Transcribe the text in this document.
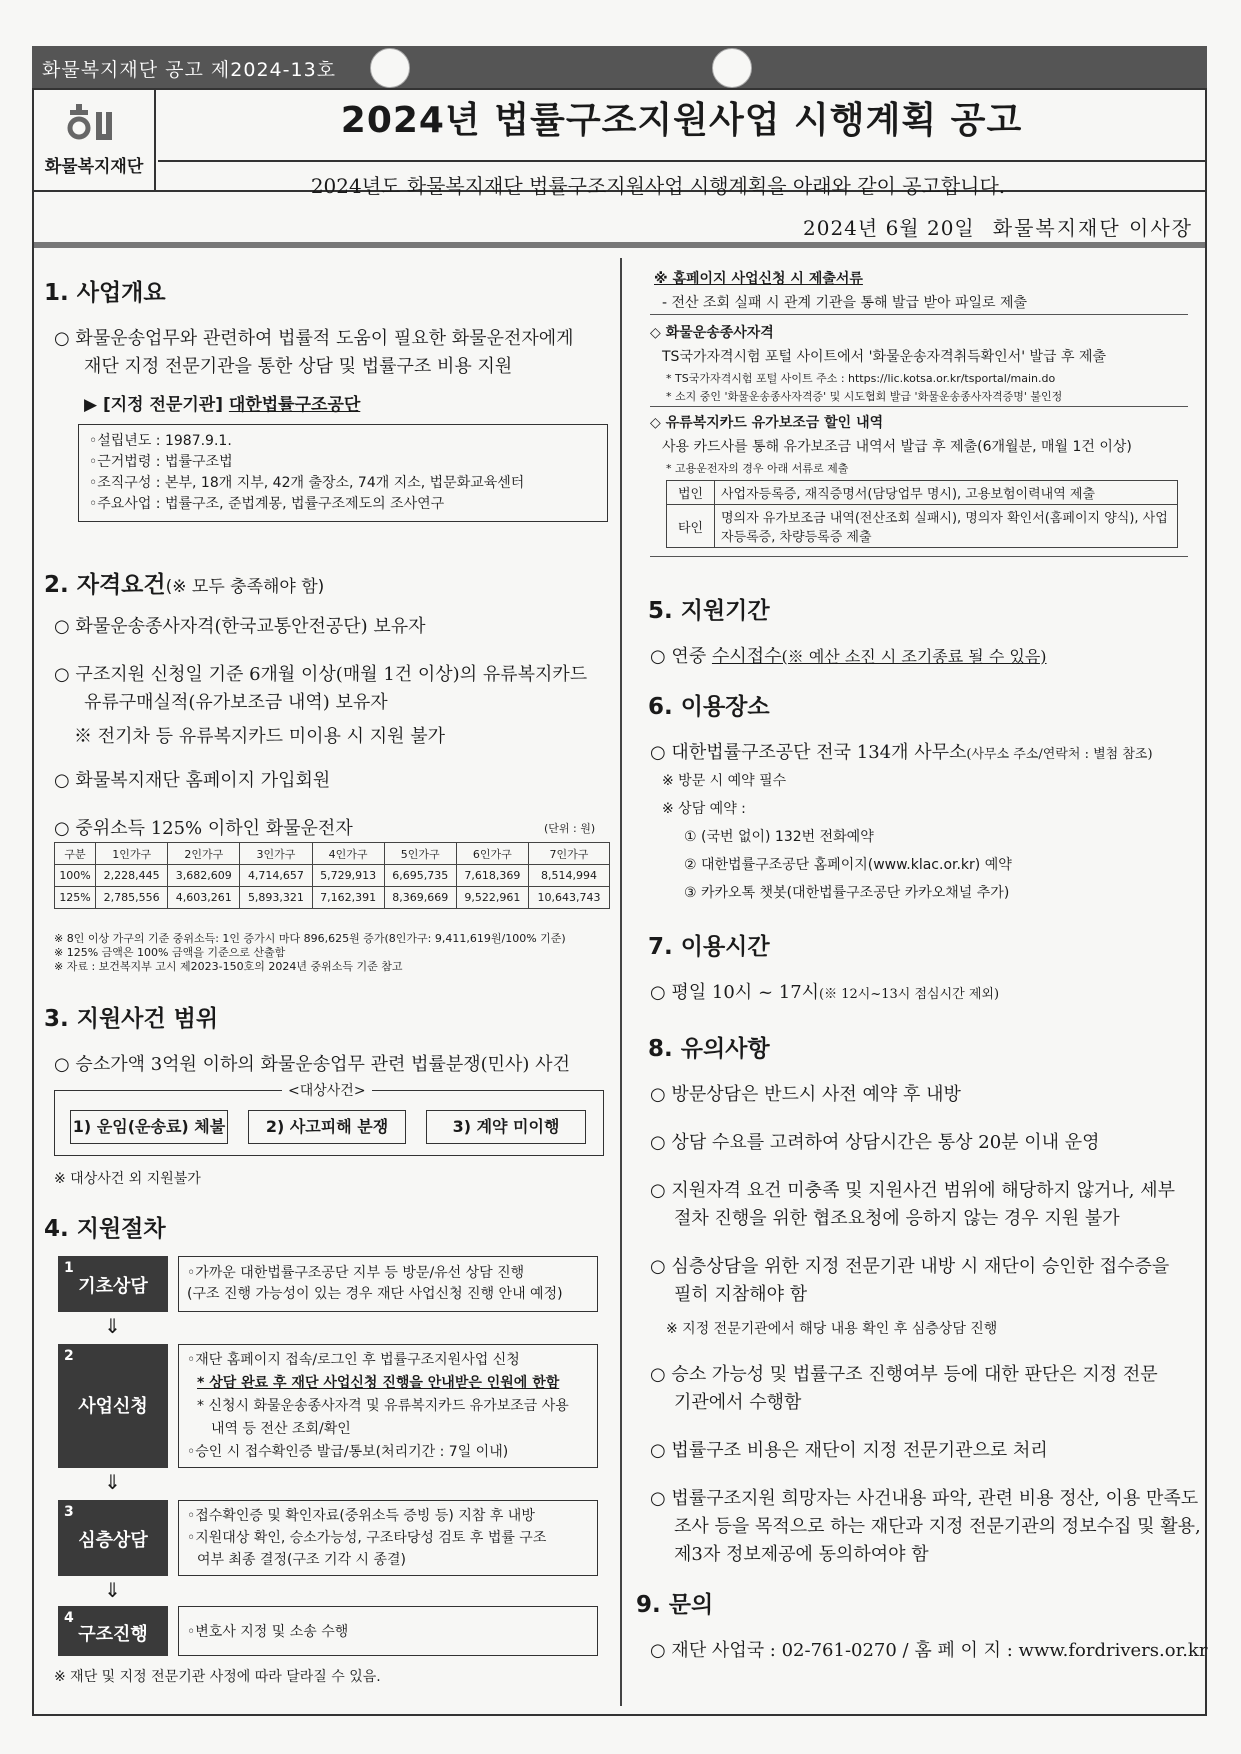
화물복지재단 공고 제2024-13호
화물복지재단
2024년 법률구조지원사업 시행계획 공고
2024년도 화물복지재단 법률구조지원사업 시행계획을 아래와 같이 공고합니다.
2024년 6월 20일 화물복지재단 이사장
1. 사업개요
○ 화물운송업무와 관련하여 법률적 도움이 필요한 화물운전자에게
재단 지정 전문기관을 통한 상담 및 법률구조 비용 지원
▶ [지정 전문기관] 대한법률구조공단
◦설립년도 : 1987.9.1.
◦근거법령 : 법률구조법
◦조직구성 : 본부, 18개 지부, 42개 출장소, 74개 지소, 법문화교육센터
◦주요사업 : 법률구조, 준법계몽, 법률구조제도의 조사연구
2. 자격요건(※ 모두 충족해야 함)
○ 화물운송종사자격(한국교통안전공단) 보유자
○ 구조지원 신청일 기준 6개월 이상(매월 1건 이상)의 유류복지카드
유류구매실적(유가보조금 내역) 보유자
※ 전기차 등 유류복지카드 미이용 시 지원 불가
○ 화물복지재단 홈페이지 가입회원
○ 중위소득 125% 이하인 화물운전자	(단위 : 원)
구분	1인가구	2인가구	3인가구	4인가구	5인가구	6인가구	7인가구
100%	2,228,445	3,682,609	4,714,657	5,729,913	6,695,735	7,618,369	8,514,994
125%	2,785,556	4,603,261	5,893,321	7,162,391	8,369,669	9,522,961	10,643,743
※ 8인 이상 가구의 기준 중위소득: 1인 증가시 마다 896,625원 증가(8인가구: 9,411,619원/100% 기준)
※ 125% 금액은 100% 금액을 기준으로 산출함
※ 자료 : 보건복지부 고시 제2023-150호의 2024년 중위소득 기준 참고
3. 지원사건 범위
○ 승소가액 3억원 이하의 화물운송업무 관련 법률분쟁(민사) 사건
<대상사건>
1) 운임(운송료) 체불	2) 사고피해 분쟁	3) 계약 미이행
※ 대상사건 외 지원불가
4. 지원절차
1
기초상담
◦가까운 대한법률구조공단 지부 등 방문/유선 상담 진행
(구조 진행 가능성이 있는 경우 재단 사업신청 진행 안내 예정)
⇓
2
사업신청
◦재단 홈페이지 접속/로그인 후 법률구조지원사업 신청
* 상담 완료 후 재단 사업신청 진행을 안내받은 인원에 한함
* 신청시 화물운송종사자격 및 유류복지카드 유가보조금 사용
내역 등 전산 조회/확인
◦승인 시 접수확인증 발급/통보(처리기간 : 7일 이내)
⇓
3
심층상담
◦접수확인증 및 확인자료(중위소득 증빙 등) 지참 후 내방
◦지원대상 확인, 승소가능성, 구조타당성 검토 후 법률 구조
여부 최종 결정(구조 기각 시 종결)
⇓
4
구조진행	◦변호사 지정 및 소송 수행
※ 재단 및 지정 전문기관 사정에 따라 달라질 수 있음.
※ 홈페이지 사업신청 시 제출서류
- 전산 조회 실패 시 관계 기관을 통해 발급 받아 파일로 제출
◇ 화물운송종사자격
TS국가자격시험 포털 사이트에서 '화물운송자격취득확인서' 발급 후 제출
* TS국가자격시험 포털 사이트 주소 : https://lic.kotsa.or.kr/tsportal/main.do
* 소지 중인 '화물운송종사자격증' 및 시도협회 발급 '화물운송종사자격증명' 불인정
◇ 유류복지카드 유가보조금 할인 내역
사용 카드사를 통해 유가보조금 내역서 발급 후 제출(6개월분, 매월 1건 이상)
* 고용운전자의 경우 아래 서류로 제출
법인	사업자등록증, 재직증명서(담당업무 명시), 고용보험이력내역 제출
타인	명의자 유가보조금 내역(전산조회 실패시), 명의자 확인서(홈페이지 양식), 사업자등록증, 차량등록증 제출
5. 지원기간
○ 연중 수시접수(※ 예산 소진 시 조기종료 될 수 있음)
6. 이용장소
○ 대한법률구조공단 전국 134개 사무소(사무소 주소/연락처 : 별첨 참조)
※ 방문 시 예약 필수
※ 상담 예약 :
① (국번 없이) 132번 전화예약
② 대한법률구조공단 홈페이지(www.klac.or.kr) 예약
③ 카카오톡 챗봇(대한법률구조공단 카카오채널 추가)
7. 이용시간
○ 평일 10시 ~ 17시(※ 12시~13시 점심시간 제외)
8. 유의사항
○ 방문상담은 반드시 사전 예약 후 내방
○ 상담 수요를 고려하여 상담시간은 통상 20분 이내 운영
○ 지원자격 요건 미충족 및 지원사건 범위에 해당하지 않거나, 세부
절차 진행을 위한 협조요청에 응하지 않는 경우 지원 불가
○ 심층상담을 위한 지정 전문기관 내방 시 재단이 승인한 접수증을
필히 지참해야 함
※ 지정 전문기관에서 해당 내용 확인 후 심층상담 진행
○ 승소 가능성 및 법률구조 진행여부 등에 대한 판단은 지정 전문
기관에서 수행함
○ 법률구조 비용은 재단이 지정 전문기관으로 처리
○ 법률구조지원 희망자는 사건내용 파악, 관련 비용 정산, 이용 만족도
조사 등을 목적으로 하는 재단과 지정 전문기관의 정보수집 및 활용,
제3자 정보제공에 동의하여야 함
9. 문의
○ 재단 사업국 : 02-761-0270 / 홈 페 이 지 : www.fordrivers.or.kr
